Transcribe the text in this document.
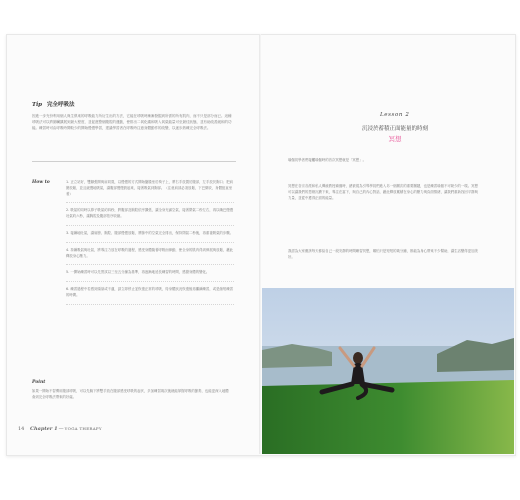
Tip 完全呼吸法
因進一步充份利用個人與生俱來的呼吸能力所衍生出的方法，它能在呼吸時漸漸發掘到所需的所有肌肉，而不只是部分而已。這種呼吸法可以將肺臟擴展到最大程度，並促進整個腹腔的運動，使排出二氧化碳和吸入氧氣能量可至最佳狀態，並有助改善緩和的功能。練習時可由呼吸時間較少的開始慢慢學習，建議學習者在呼吸時注意身體動作的改變，以逐步熟練完全呼吸法。
How to	1. 正立站好，雙腳張開與肩同寬，以慢慢的方式開始盤膝坐於椅子上，將右手放置於腹部，左手放於胸口；把肩膀放鬆，並且緩慢地吸氣，讓腹部慢慢鼓起來，接著吸氣到胸部。（注意肩部必須放鬆，下巴微收，身體挺直坐著）
2. 吸氣的同時以鼻子吸氣約四秒，將腹部及胸腔依序擴張，讓全身充滿空氣，接著閉氣二秒左右，再以嘴巴慢慢吐氣約六秒，讓胸腔及腹部依序收縮。
3. 接續地吐氣，讓肩膀、胸腔、腹部慢慢放鬆，將肺中的空氣完全排出，保持閉氣二秒後，再重複吸氣的步驟。
4. 持續吸氣與吐氣，將專注力放在呼吸的過程，感受身體隨著呼吸而律動，使全身的肌肉得到伸展與放鬆，藉此釋放身心壓力。
5. 一開始練習時可以先嘗試以三至五分鐘為基準，再逐漸地延長練習的時間，感覺身體的變化。
6. 練習過程中若感到頭暈或不適，請立即停止並恢復正常的呼吸，待身體狀況恢復後再繼續練習，或是縮短練習的時間。
Point
如果一開始不習慣用腹部呼吸，可以先躺下將雙手放在腹部感受呼吸的起伏，多加練習幾次後就能掌握呼吸的節奏，也能更深入地體會到完全呼吸法帶來的好處。
14 Chapter 1—YOGA THERAPY
Lesson 2
沉浸於蓄積正面能量的時刻
冥想
瑜伽初學者們接觸瑜伽時的首次冥想就是「冥想」。
冥想在各宗各派和私人傳統教授瑜伽時，總被視為引導學員們進入另一個層次的重要關鍵，也是練習瑜伽不可缺少的一環。冥想可以讓我們的思緒沉澱下來，專注在當下，與自己的內心對話，藉此釋放累積在身心的壓力與負面情緒，讓我們重新找回平靜與力量，並從中獲得正面的能量。
我認為大家應該每天都給自己一段安靜的時間練習冥想，哪怕只是短短的幾分鐘，都能為身心帶來不少幫助，讓生活變得更加美好。
